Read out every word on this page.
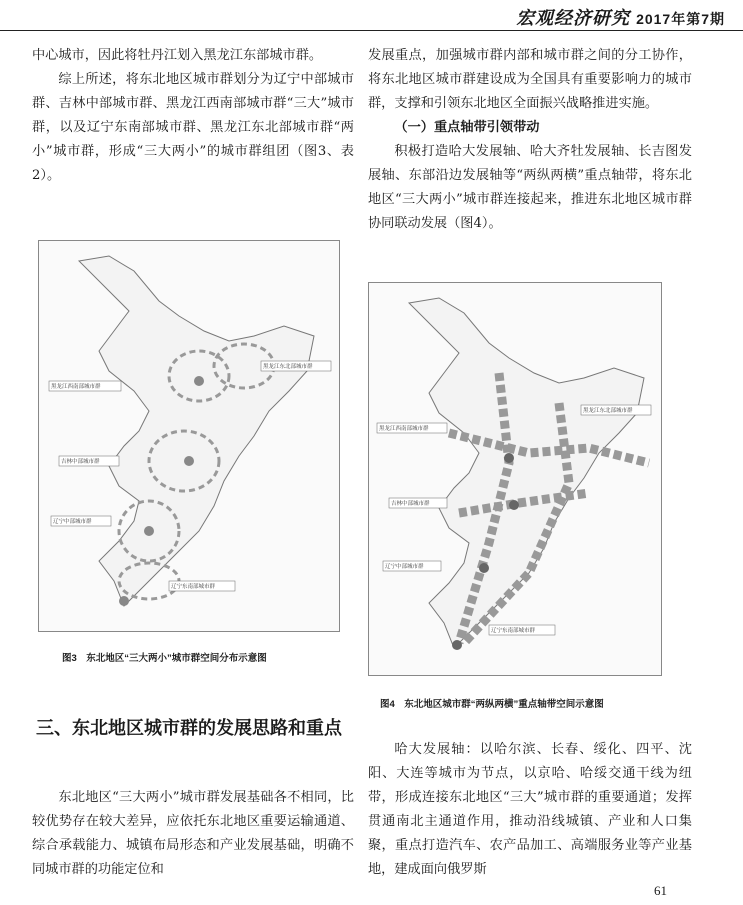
宏观经济研究 2017年第7期

中心城市，因此将牡丹江划入黑龙江东部城市群。

综上所述，将东北地区城市群划分为辽宁中部城市群、吉林中部城市群、黑龙江西南部城市群“三大”城市群，以及辽宁东南部城市群、黑龙江东北部城市群“两小”城市群，形成“三大两小”的城市群组团（图3、表2）。

发展重点，加强城市群内部和城市群之间的分工协作，将东北地区城市群建设成为全国具有重要影响力的城市群，支撑和引领东北地区全面振兴战略推进实施。

（一）重点轴带引领带动

积极打造哈大发展轴、哈大齐牡发展轴、长吉图发展轴、东部沿边发展轴等“两纵两横”重点轴带，将东北地区“三大两小”城市群连接起来，推进东北地区城市群协同联动发展（图4）。

黑龙江西南部城市群
黑龙江东北部城市群
吉林中部城市群
辽宁中部城市群
辽宁东南部城市群
图3　东北地区“三大两小”城市群空间分布示意图
黑龙江西南部城市群
黑龙江东北部城市群
吉林中部城市群
辽宁中部城市群
辽宁东南部城市群
图4　东北地区城市群“两纵两横”重点轴带空间示意图
三、东北地区城市群的发展思路和重点

东北地区“三大两小”城市群发展基础各不相同，比较优势存在较大差异，应依托东北地区重要运输通道、综合承载能力、城镇布局形态和产业发展基础，明确不同城市群的功能定位和

哈大发展轴：以哈尔滨、长春、绥化、四平、沈阳、大连等城市为节点，以京哈、哈绥交通干线为纽带，形成连接东北地区“三大”城市群的重要通道；发挥贯通南北主通道作用，推动沿线城镇、产业和人口集聚，重点打造汽车、农产品加工、高端服务业等产业基地，建成面向俄罗斯

61
